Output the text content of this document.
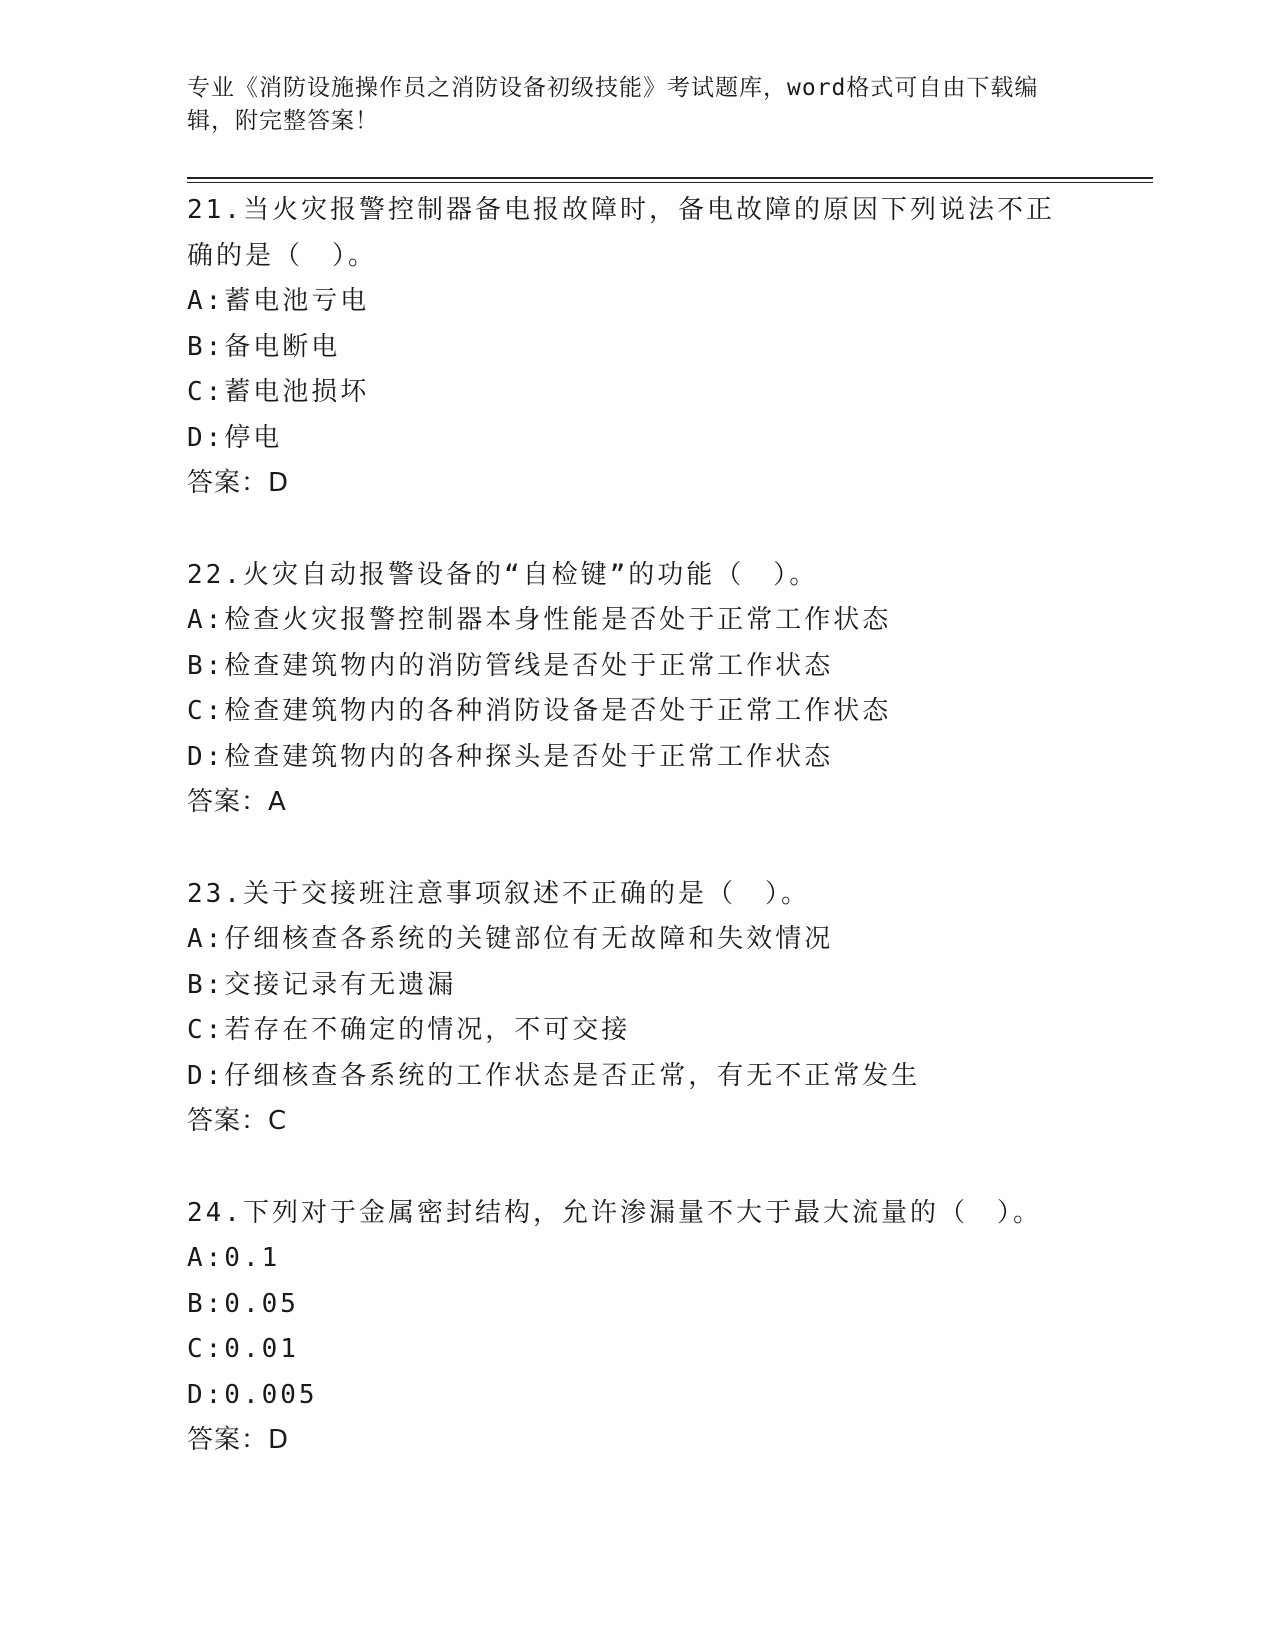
专业《消防设施操作员之消防设备初级技能》考试题库，word格式可自由下载编辑，附完整答案！
21.当火灾报警控制器备电报故障时，备电故障的原因下列说法不正确的是（　）。
A:蓄电池亏电
B:备电断电
C:蓄电池损坏
D:停电
答案：D
22.火灾自动报警设备的“自检键”的功能（　）。
A:检查火灾报警控制器本身性能是否处于正常工作状态
B:检查建筑物内的消防管线是否处于正常工作状态
C:检查建筑物内的各种消防设备是否处于正常工作状态
D:检查建筑物内的各种探头是否处于正常工作状态
答案：A
23.关于交接班注意事项叙述不正确的是（　）。
A:仔细核查各系统的关键部位有无故障和失效情况
B:交接记录有无遗漏
C:若存在不确定的情况，不可交接
D:仔细核查各系统的工作状态是否正常，有无不正常发生
答案：C
24.下列对于金属密封结构，允许渗漏量不大于最大流量的（　）。
A:0.1
B:0.05
C:0.01
D:0.005
答案：D
